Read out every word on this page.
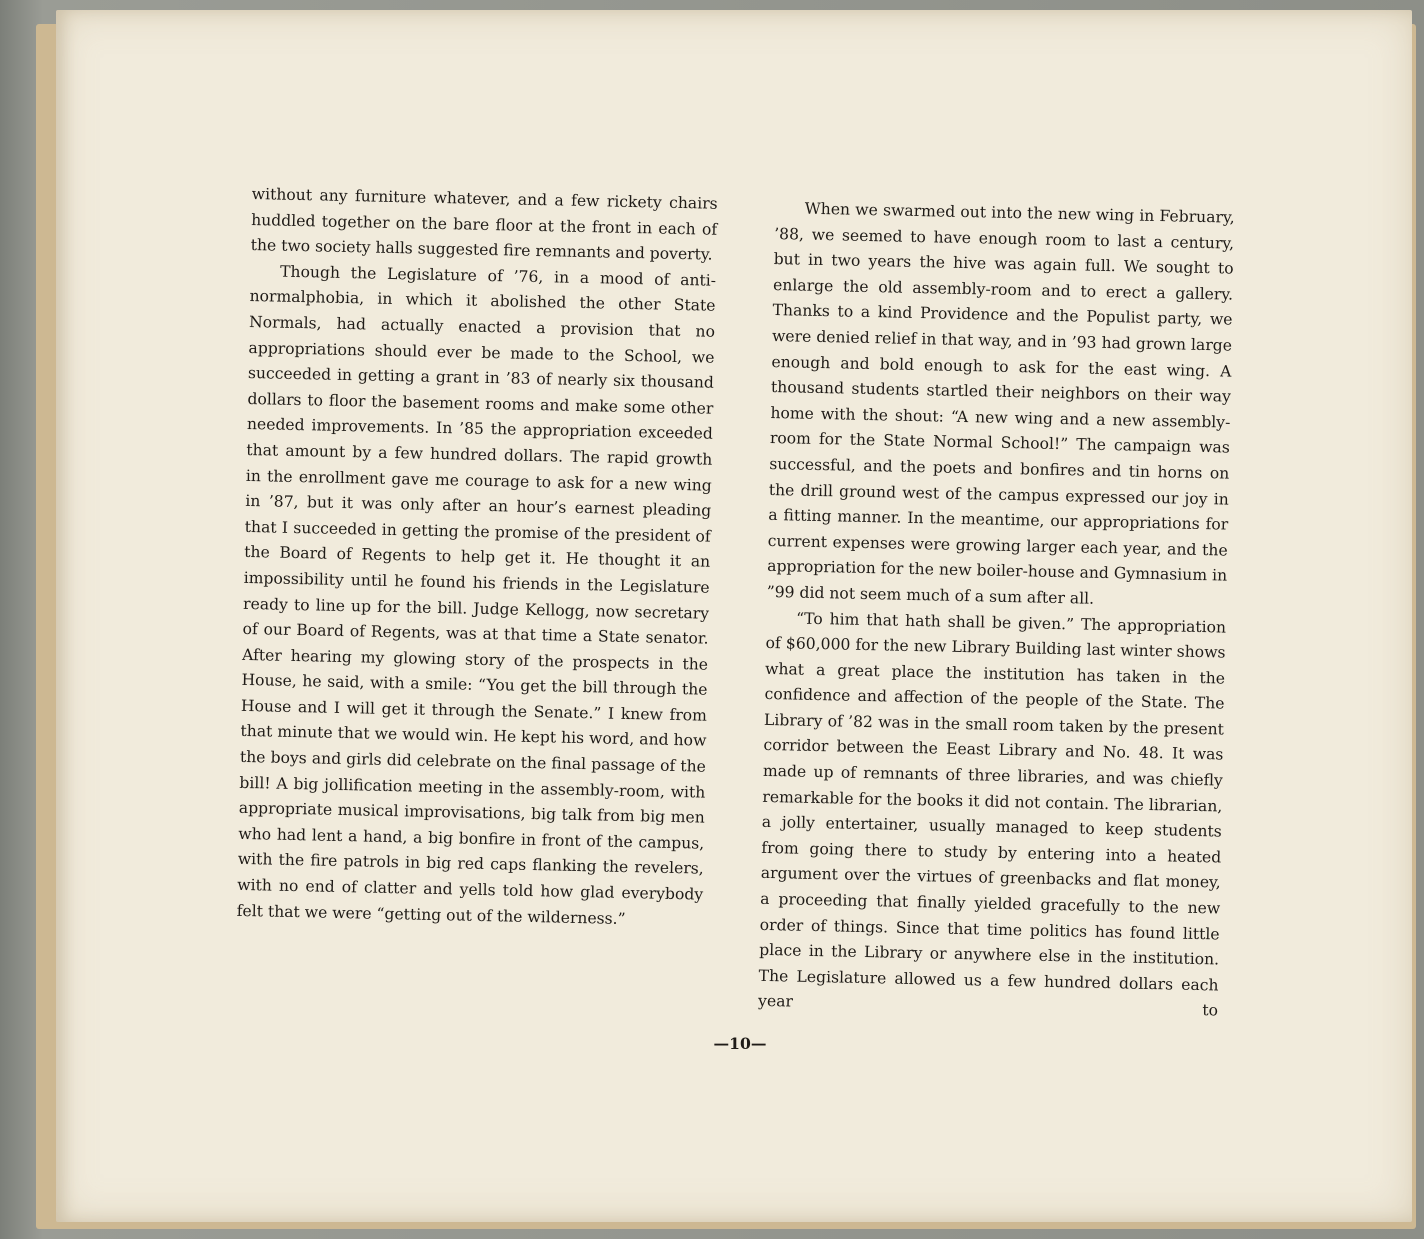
without any furniture whatever, and a few rickety chairs huddled together on the bare floor at the front in each of the two society halls suggested fire remnants and poverty.

Though the Legislature of ’76, in a mood of anti-normalphobia, in which it abolished the other State Normals, had actually enacted a provision that no appropriations should ever be made to the School, we succeeded in getting a grant in ’83 of nearly six thousand dollars to floor the basement rooms and make some other needed improvements. In ’85 the appropriation exceeded that amount by a few hundred dollars. The rapid growth in the enrollment gave me courage to ask for a new wing in ’87, but it was only after an hour’s earnest pleading that I succeeded in getting the promise of the president of the Board of Regents to help get it. He thought it an impossibility until he found his friends in the Legislature ready to line up for the bill. Judge Kellogg, now secretary of our Board of Regents, was at that time a State senator. After hearing my glowing story of the prospects in the House, he said, with a smile: “You get the bill through the House and I will get it through the Senate.” I knew from that minute that we would win. He kept his word, and how the boys and girls did celebrate on the final passage of the bill! A big jollification meeting in the assembly-room, with appropriate musical improvisations, big talk from big men who had lent a hand, a big bonfire in front of the campus, with the fire patrols in big red caps flanking the revelers, with no end of clatter and yells told how glad everybody felt that we were “getting out of the wilderness.”

When we swarmed out into the new wing in February, ’88, we seemed to have enough room to last a century, but in two years the hive was again full. We sought to enlarge the old assembly-room and to erect a gallery. Thanks to a kind Providence and the Populist party, we were denied relief in that way, and in ’93 had grown large enough and bold enough to ask for the east wing. A thousand students startled their neighbors on their way home with the shout: “A new wing and a new assembly-room for the State Normal School!” The campaign was successful, and the poets and bonfires and tin horns on the drill ground west of the campus expressed our joy in a fitting manner. In the meantime, our appropriations for current expenses were growing larger each year, and the appropriation for the new boiler-house and Gymnasium in ”99 did not seem much of a sum after all.

“To him that hath shall be given.” The appropriation of $60,000 for the new Library Building last winter shows what a great place the institution has taken in the confidence and affection of the people of the State. The Library of ’82 was in the small room taken by the present corridor between the Eeast Library and No. 48. It was made up of remnants of three libraries, and was chiefly remarkable for the books it did not contain. The librarian, a jolly entertainer, usually managed to keep students from going there to study by entering into a heated argument over the virtues of greenbacks and flat money, a proceeding that finally yielded gracefully to the new order of things. Since that time politics has found little place in the Library or anywhere else in the institution. The Legislature allowed us a few hundred dollars each year to

—10—
